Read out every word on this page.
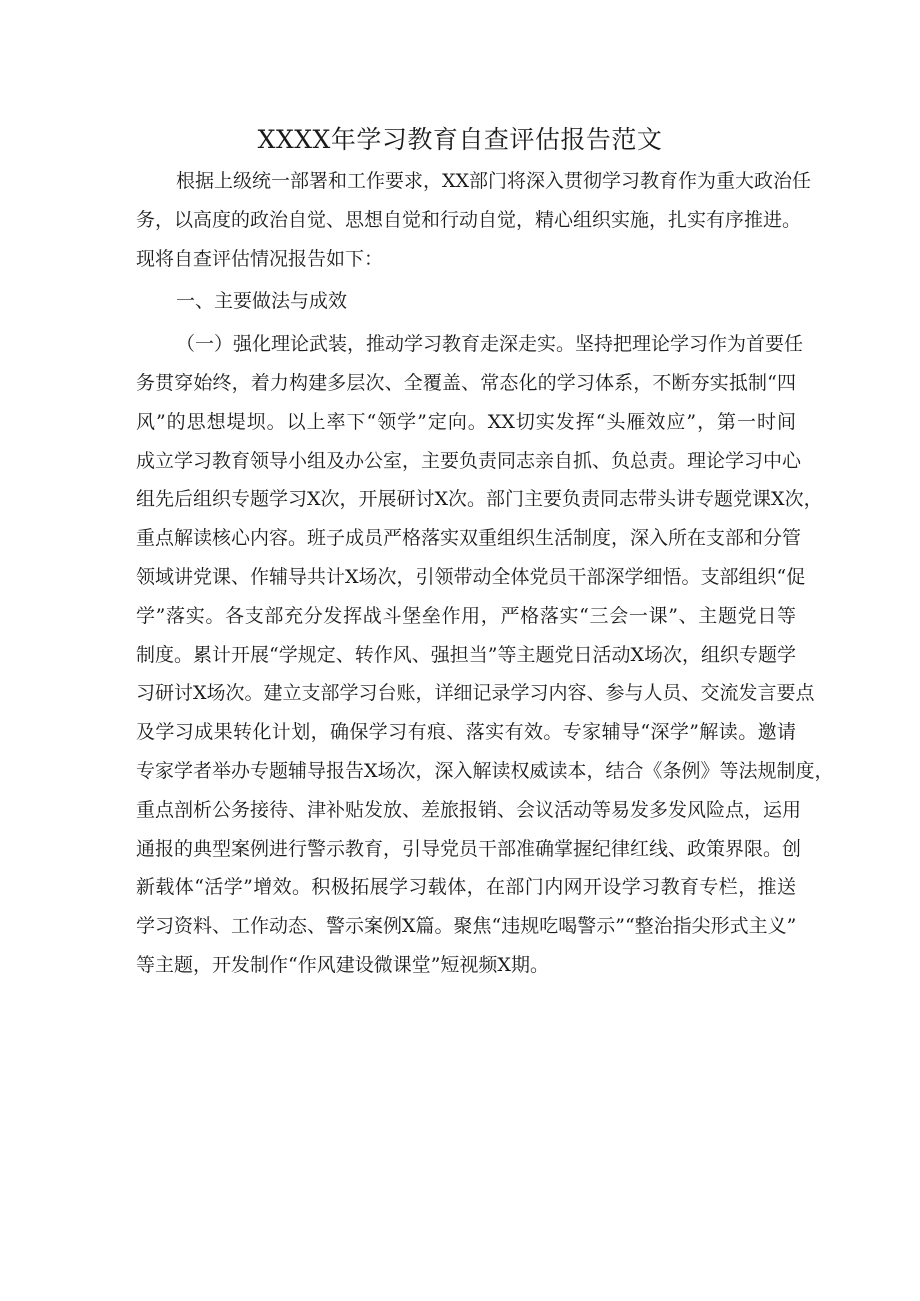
XXXX年学习教育自查评估报告范文
根据上级统一部署和工作要求，XX部门将深入贯彻学习教育作为重大政治任
务，以高度的政治自觉、思想自觉和行动自觉，精心组织实施，扎实有序推进。
现将自查评估情况报告如下：
一、主要做法与成效
（一）强化理论武装，推动学习教育走深走实。坚持把理论学习作为首要任
务贯穿始终，着力构建多层次、全覆盖、常态化的学习体系，不断夯实抵制“四
风”的思想堤坝。以上率下“领学”定向。XX切实发挥“头雁效应”，第一时间
成立学习教育领导小组及办公室，主要负责同志亲自抓、负总责。理论学习中心
组先后组织专题学习X次，开展研讨X次。部门主要负责同志带头讲专题党课X次，
重点解读核心内容。班子成员严格落实双重组织生活制度，深入所在支部和分管
领域讲党课、作辅导共计X场次，引领带动全体党员干部深学细悟。支部组织“促
学”落实。各支部充分发挥战斗堡垒作用，严格落实“三会一课”、主题党日等
制度。累计开展“学规定、转作风、强担当”等主题党日活动X场次，组织专题学
习研讨X场次。建立支部学习台账，详细记录学习内容、参与人员、交流发言要点
及学习成果转化计划，确保学习有痕、落实有效。专家辅导“深学”解读。邀请
专家学者举办专题辅导报告X场次，深入解读权威读本，结合《条例》等法规制度，
重点剖析公务接待、津补贴发放、差旅报销、会议活动等易发多发风险点，运用
通报的典型案例进行警示教育，引导党员干部准确掌握纪律红线、政策界限。创
新载体“活学”增效。积极拓展学习载体，在部门内网开设学习教育专栏，推送
学习资料、工作动态、警示案例X篇。聚焦“违规吃喝警示”“整治指尖形式主义”
等主题，开发制作“作风建设微课堂”短视频X期。
